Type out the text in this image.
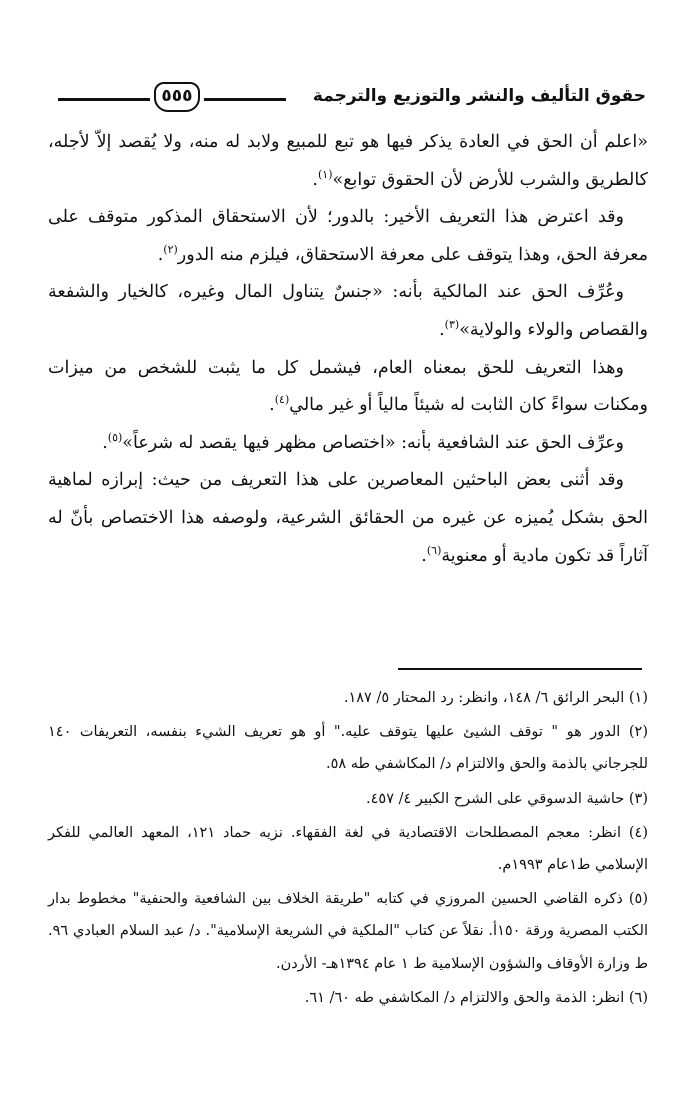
حقوق التأليف والنشر والتوزيع والترجمة
٥٥٥

«اعلم أن الحق في العادة يذكر فيها هو تبع للمبيع ولابد له منه، ولا يُقصد إلاّ لأجله، كالطريق والشرب للأرض لأن الحقوق توابع»$^{(١)}$.

وقد اعترض هذا التعريف الأخير: بالدور؛ لأن الاستحقاق المذكور متوقف على معرفة الحق، وهذا يتوقف على معرفة الاستحقاق، فيلزم منه الدور$^{(٢)}$.

وعُرِّف الحق عند المالكية بأنه: «جنسٌ يتناول المال وغيره، كالخيار والشفعة والقصاص والولاء والولاية»$^{(٣)}$.

وهذا التعريف للحق بمعناه العام، فيشمل كل ما يثبت للشخص من ميزات ومكنات سواءً كان الثابت له شيئاً مالياً أو غير مالي$^{(٤)}$.

وعرِّف الحق عند الشافعية بأنه: «اختصاص مظهر فيها يقصد له شرعاً»$^{(٥)}$.

وقد أثنى بعض الباحثين المعاصرين على هذا التعريف من حيث: إبرازه لماهية الحق بشكل يُميزه عن غيره من الحقائق الشرعية، ولوصفه هذا الاختصاص بأنّ له آثاراً قد تكون مادية أو معنوية$^{(٦)}$.

(١) البحر الرائق ٦/ ١٤٨، وانظر: رد المحتار ٥/ ١٨٧.

(٢) الدور هو " توقف الشيئ عليها يتوقف عليه." أو هو تعريف الشيء بنفسه، التعريفات ١٤٠ للجرجاني بالذمة والحق والالتزام د/ المكاشفي طه ٥٨.

(٣) حاشية الدسوقي على الشرح الكبير ٤/ ٤٥٧.

(٤) انظر: معجم المصطلحات الاقتصادية في لغة الفقهاء. نزيه حماد ١٢١، المعهد العالمي للفكر الإسلامي ط١عام ١٩٩٣م.

(٥) ذكره القاضي الحسين المروزي في كتابه "طريقة الخلاف بين الشافعية والحنفية" مخطوط بدار الكتب المصرية ورقة ١٥٠أ. نقلاً عن كتاب "الملكية في الشريعة الإسلامية". د/ عبد السلام العبادي ٩٦. ط وزارة الأوقاف والشؤون الإسلامية ط ١ عام ١٣٩٤هـ- الأردن.

(٦) انظر: الذمة والحق والالتزام د/ المكاشفي طه ٦٠/ ٦١.
